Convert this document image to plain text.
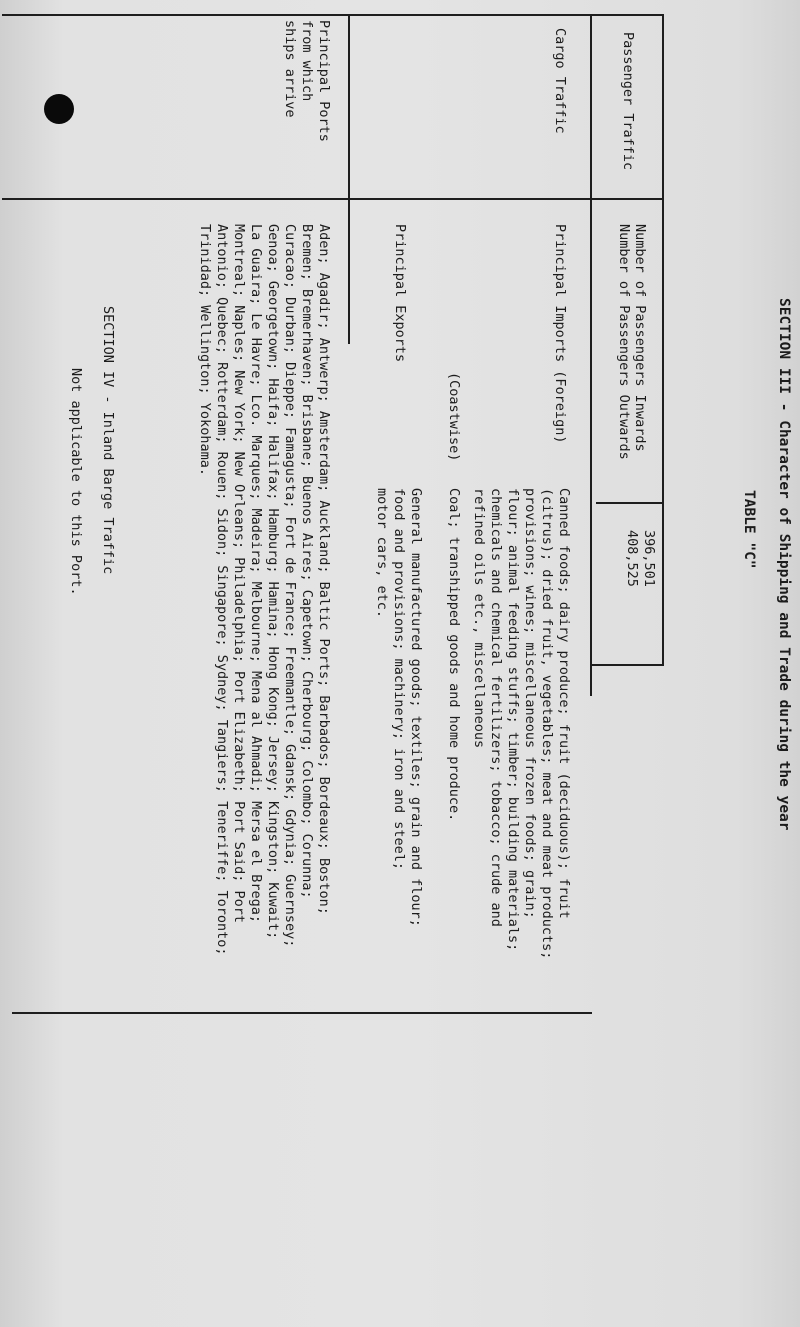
SECTION III - Character of Shipping and Trade during the year
TABLE "C"
Passenger Traffic
Number of Passengers Inwards
Number of Passengers Outwards
396,501
408,525
Cargo Traffic
Principal Imports (Foreign)
Canned foods; dairy produce; fruit (deciduous); fruit
(citrus); dried fruit, vegetables; meat and meat products;
provisions; wines; miscellaneous frozen foods; grain;
flour; animal feeding stuffs; timber; building materials;
chemicals and chemical fertilizers; tobacco; crude and
refined oils etc., miscellaneous
(Coastwise)
Coal; transhipped goods and home produce.
Principal Exports
General manufactured goods; textiles; grain and flour;
food and provisions; machinery; iron and steel;
motor cars, etc.
Principal Ports
from which
ships arrive
Aden; Agadir; Antwerp; Amsterdam; Auckland; Baltic Ports; Barbados; Bordeaux; Boston;
Bremen; Bremerhaven; Brisbane; Buenos Aires; Capetown; Cherbourg; Colombo; Corunna;
Curacao; Durban; Dieppe; Famagusta; Fort de France; Freemantle; Gdansk; Gdynia; Guernsey;
Genoa; Georgetown; Haifa; Halifax; Hamburg; Hamina; Hong Kong; Jersey; Kingston; Kuwait;
La Guaira; Le Havre; Lco. Marques; Madeira; Melbourne; Mena al Ahmadi; Mersa el Brega;
Montreal; Naples; New York; New Orleans; Philadelphia; Port Elizabeth; Port Said; Port
Antonio; Quebec; Rotterdam; Rouen; Sidon; Singapore; Sydney; Tangiers; Teneriffe; Toronto;
Trinidad; Wellington; Yokohama.
SECTION IV - Inland Barge Traffic
Not applicable to this Port.
